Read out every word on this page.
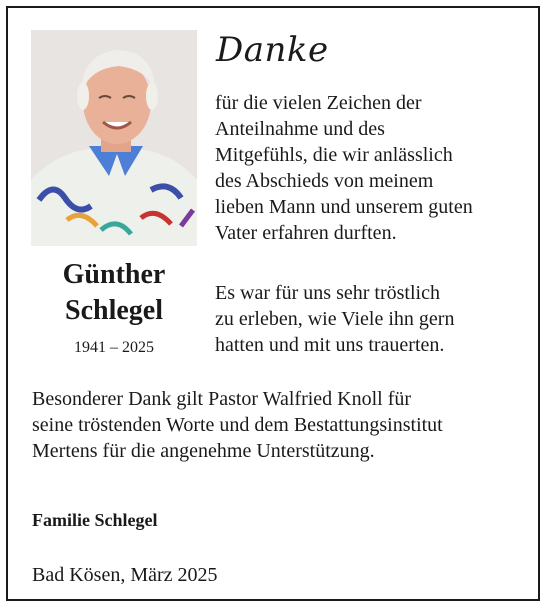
Günther
Schlegel
1941 – 2025
Danke

für die vielen Zeichen der
Anteilnahme und des
Mitgefühls, die wir anlässlich
des Abschieds von meinem
lieben Mann und unserem guten
Vater erfahren durften.

Es war für uns sehr tröstlich
zu erleben, wie Viele ihn gern
hatten und mit uns trauerten.

Besonderer Dank gilt Pastor Walfried Knoll für
seine tröstenden Worte und dem Bestattungsinstitut
Mertens für die angenehme Unterstützung.

Familie Schlegel
Bad Kösen, März 2025
